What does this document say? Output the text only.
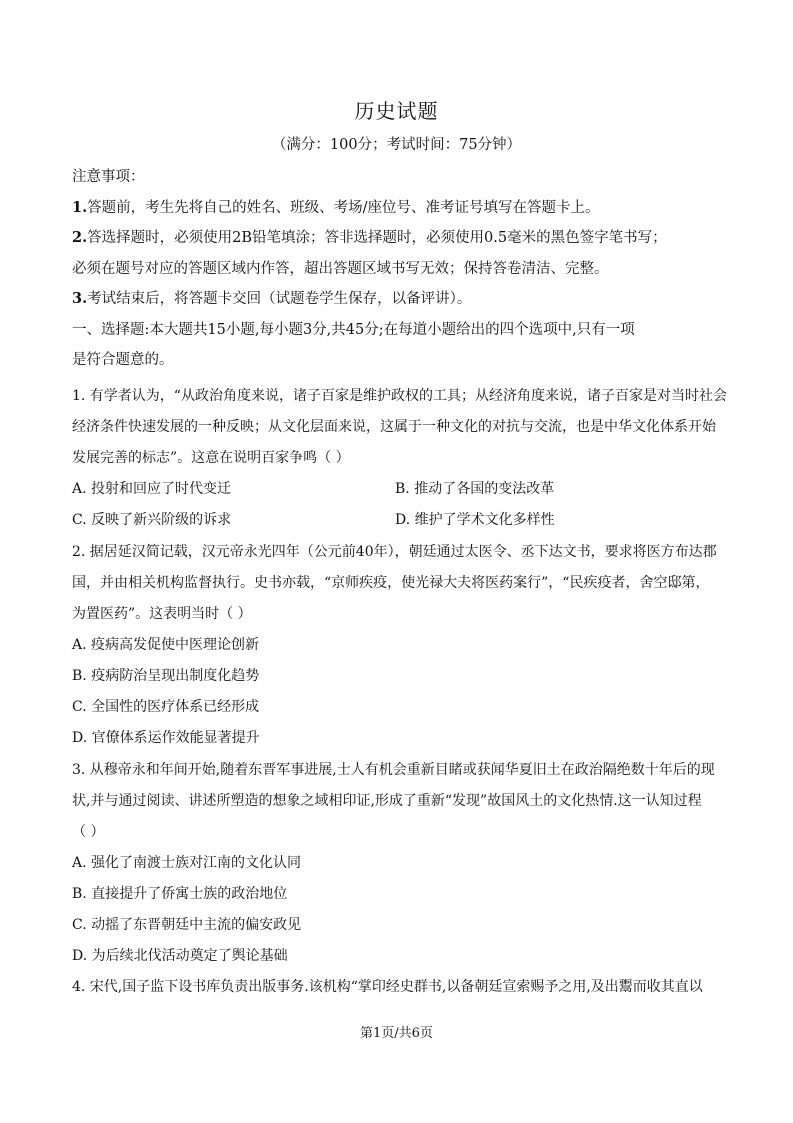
历史试题
（满分：100分；考试时间：75分钟）
注意事项：
1.答题前，考生先将自己的姓名、班级、考场/座位号、准考证号填写在答题卡上。
2.答选择题时，必须使用2B铅笔填涂；答非选择题时，必须使用0.5毫米的黑色签字笔书写；
必须在题号对应的答题区域内作答，超出答题区域书写无效；保持答卷清洁、完整。
3.考试结束后，将答题卡交回（试题卷学生保存，以备评讲）。
一、选择题:本大题共15小题,每小题3分,共45分;在每道小题给出的四个选项中,只有一项
是符合题意的。
1. 有学者认为，“从政治角度来说，诸子百家是维护政权的工具；从经济角度来说，诸子百家是对当时社会
经济条件快速发展的一种反映；从文化层面来说，这属于一种文化的对抗与交流，也是中华文化体系开始
发展完善的标志”。这意在说明百家争鸣（ ）
A. 投射和回应了时代变迁	B. 推动了各国的变法改革
C. 反映了新兴阶级的诉求	D. 维护了学术文化多样性
2. 据居延汉简记载，汉元帝永光四年（公元前40年），朝廷通过太医令、丞下达文书，要求将医方布达郡
国，并由相关机构监督执行。史书亦载，“京师疾疫，使光禄大夫将医药案行”，“民疾疫者，舍空邸第，
为置医药”。这表明当时（ ）
A. 疫病高发促使中医理论创新
B. 疫病防治呈现出制度化趋势
C. 全国性的医疗体系已经形成
D. 官僚体系运作效能显著提升
3. 从穆帝永和年间开始,随着东晋军事进展,士人有机会重新目睹或获闻华夏旧土在政治隔绝数十年后的现
状,并与通过阅读、讲述所塑造的想象之域相印证,形成了重新“发现”故国风土的文化热情.这一认知过程
（ ）
A. 强化了南渡士族对江南的文化认同
B. 直接提升了侨寓士族的政治地位
C. 动摇了东晋朝廷中主流的偏安政见
D. 为后续北伐活动奠定了舆论基础
4. 宋代,国子监下设书库负责出版事务.该机构“掌印经史群书,以备朝廷宣索赐予之用,及出鬻而收其直以
第1页/共6页
